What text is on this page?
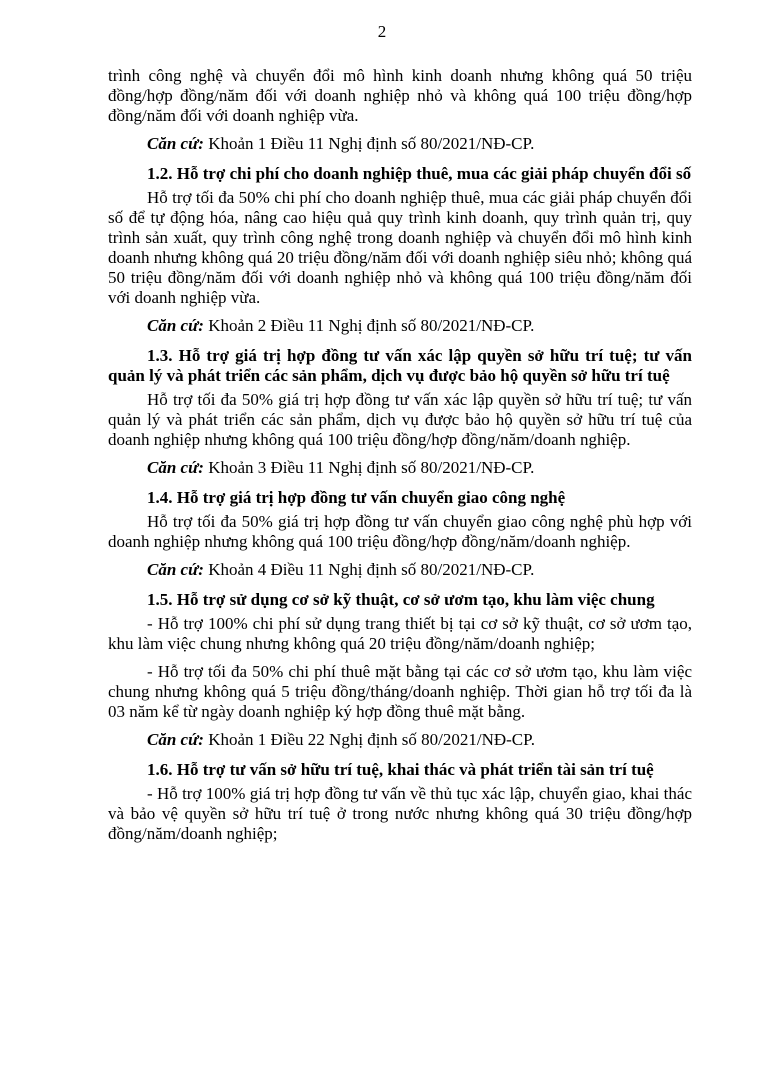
2

trình công nghệ và chuyển đổi mô hình kinh doanh nhưng không quá 50 triệu đồng/hợp đồng/năm đối với doanh nghiệp nhỏ và không quá 100 triệu đồng/hợp đồng/năm đối với doanh nghiệp vừa.

Căn cứ: Khoản 1 Điều 11 Nghị định số 80/2021/NĐ-CP.

1.2. Hỗ trợ chi phí cho doanh nghiệp thuê, mua các giải pháp chuyển đổi số

Hỗ trợ tối đa 50% chi phí cho doanh nghiệp thuê, mua các giải pháp chuyển đổi số để tự động hóa, nâng cao hiệu quả quy trình kinh doanh, quy trình quản trị, quy trình sản xuất, quy trình công nghệ trong doanh nghiệp và chuyển đổi mô hình kinh doanh nhưng không quá 20 triệu đồng/năm đối với doanh nghiệp siêu nhỏ; không quá 50 triệu đồng/năm đối với doanh nghiệp nhỏ và không quá 100 triệu đồng/năm đối với doanh nghiệp vừa.

Căn cứ: Khoản 2 Điều 11 Nghị định số 80/2021/NĐ-CP.

1.3. Hỗ trợ giá trị hợp đồng tư vấn xác lập quyền sở hữu trí tuệ; tư vấn quản lý và phát triển các sản phẩm, dịch vụ được bảo hộ quyền sở hữu trí tuệ

Hỗ trợ tối đa 50% giá trị hợp đồng tư vấn xác lập quyền sở hữu trí tuệ; tư vấn quản lý và phát triển các sản phẩm, dịch vụ được bảo hộ quyền sở hữu trí tuệ của doanh nghiệp nhưng không quá 100 triệu đồng/hợp đồng/năm/doanh nghiệp.

Căn cứ: Khoản 3 Điều 11 Nghị định số 80/2021/NĐ-CP.

1.4. Hỗ trợ giá trị hợp đồng tư vấn chuyển giao công nghệ

Hỗ trợ tối đa 50% giá trị hợp đồng tư vấn chuyển giao công nghệ phù hợp với doanh nghiệp nhưng không quá 100 triệu đồng/hợp đồng/năm/doanh nghiệp.

Căn cứ: Khoản 4 Điều 11 Nghị định số 80/2021/NĐ-CP.

1.5. Hỗ trợ sử dụng cơ sở kỹ thuật, cơ sở ươm tạo, khu làm việc chung

- Hỗ trợ 100% chi phí sử dụng trang thiết bị tại cơ sở kỹ thuật, cơ sở ươm tạo, khu làm việc chung nhưng không quá 20 triệu đồng/năm/doanh nghiệp;

- Hỗ trợ tối đa 50% chi phí thuê mặt bằng tại các cơ sở ươm tạo, khu làm việc chung nhưng không quá 5 triệu đồng/tháng/doanh nghiệp. Thời gian hỗ trợ tối đa là 03 năm kể từ ngày doanh nghiệp ký hợp đồng thuê mặt bằng.

Căn cứ: Khoản 1 Điều 22 Nghị định số 80/2021/NĐ-CP.

1.6. Hỗ trợ tư vấn sở hữu trí tuệ, khai thác và phát triển tài sản trí tuệ

- Hỗ trợ 100% giá trị hợp đồng tư vấn về thủ tục xác lập, chuyển giao, khai thác và bảo vệ quyền sở hữu trí tuệ ở trong nước nhưng không quá 30 triệu đồng/hợp đồng/năm/doanh nghiệp;
